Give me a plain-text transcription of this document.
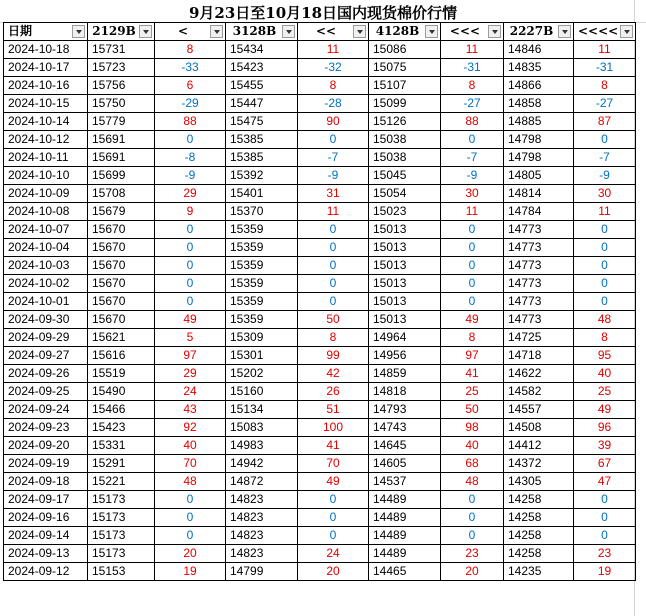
9月23日至10月18日国内现货棉价行情
日期	2129B	<	3128B	<<	4128B	<<<	2227B	<<<<

2024-10-18	15731	8	15434	11	15086	11	14846	11
2024-10-17	15723	-33	15423	-32	15075	-31	14835	-31
2024-10-16	15756	6	15455	8	15107	8	14866	8
2024-10-15	15750	-29	15447	-28	15099	-27	14858	-27
2024-10-14	15779	88	15475	90	15126	88	14885	87
2024-10-12	15691	0	15385	0	15038	0	14798	0
2024-10-11	15691	-8	15385	-7	15038	-7	14798	-7
2024-10-10	15699	-9	15392	-9	15045	-9	14805	-9
2024-10-09	15708	29	15401	31	15054	30	14814	30
2024-10-08	15679	9	15370	11	15023	11	14784	11
2024-10-07	15670	0	15359	0	15013	0	14773	0
2024-10-04	15670	0	15359	0	15013	0	14773	0
2024-10-03	15670	0	15359	0	15013	0	14773	0
2024-10-02	15670	0	15359	0	15013	0	14773	0
2024-10-01	15670	0	15359	0	15013	0	14773	0
2024-09-30	15670	49	15359	50	15013	49	14773	48
2024-09-29	15621	5	15309	8	14964	8	14725	8
2024-09-27	15616	97	15301	99	14956	97	14718	95
2024-09-26	15519	29	15202	42	14859	41	14622	40
2024-09-25	15490	24	15160	26	14818	25	14582	25
2024-09-24	15466	43	15134	51	14793	50	14557	49
2024-09-23	15423	92	15083	100	14743	98	14508	96
2024-09-20	15331	40	14983	41	14645	40	14412	39
2024-09-19	15291	70	14942	70	14605	68	14372	67
2024-09-18	15221	48	14872	49	14537	48	14305	47
2024-09-17	15173	0	14823	0	14489	0	14258	0
2024-09-16	15173	0	14823	0	14489	0	14258	0
2024-09-14	15173	0	14823	0	14489	0	14258	0
2024-09-13	15173	20	14823	24	14489	23	14258	23
2024-09-12	15153	19	14799	20	14465	20	14235	19
